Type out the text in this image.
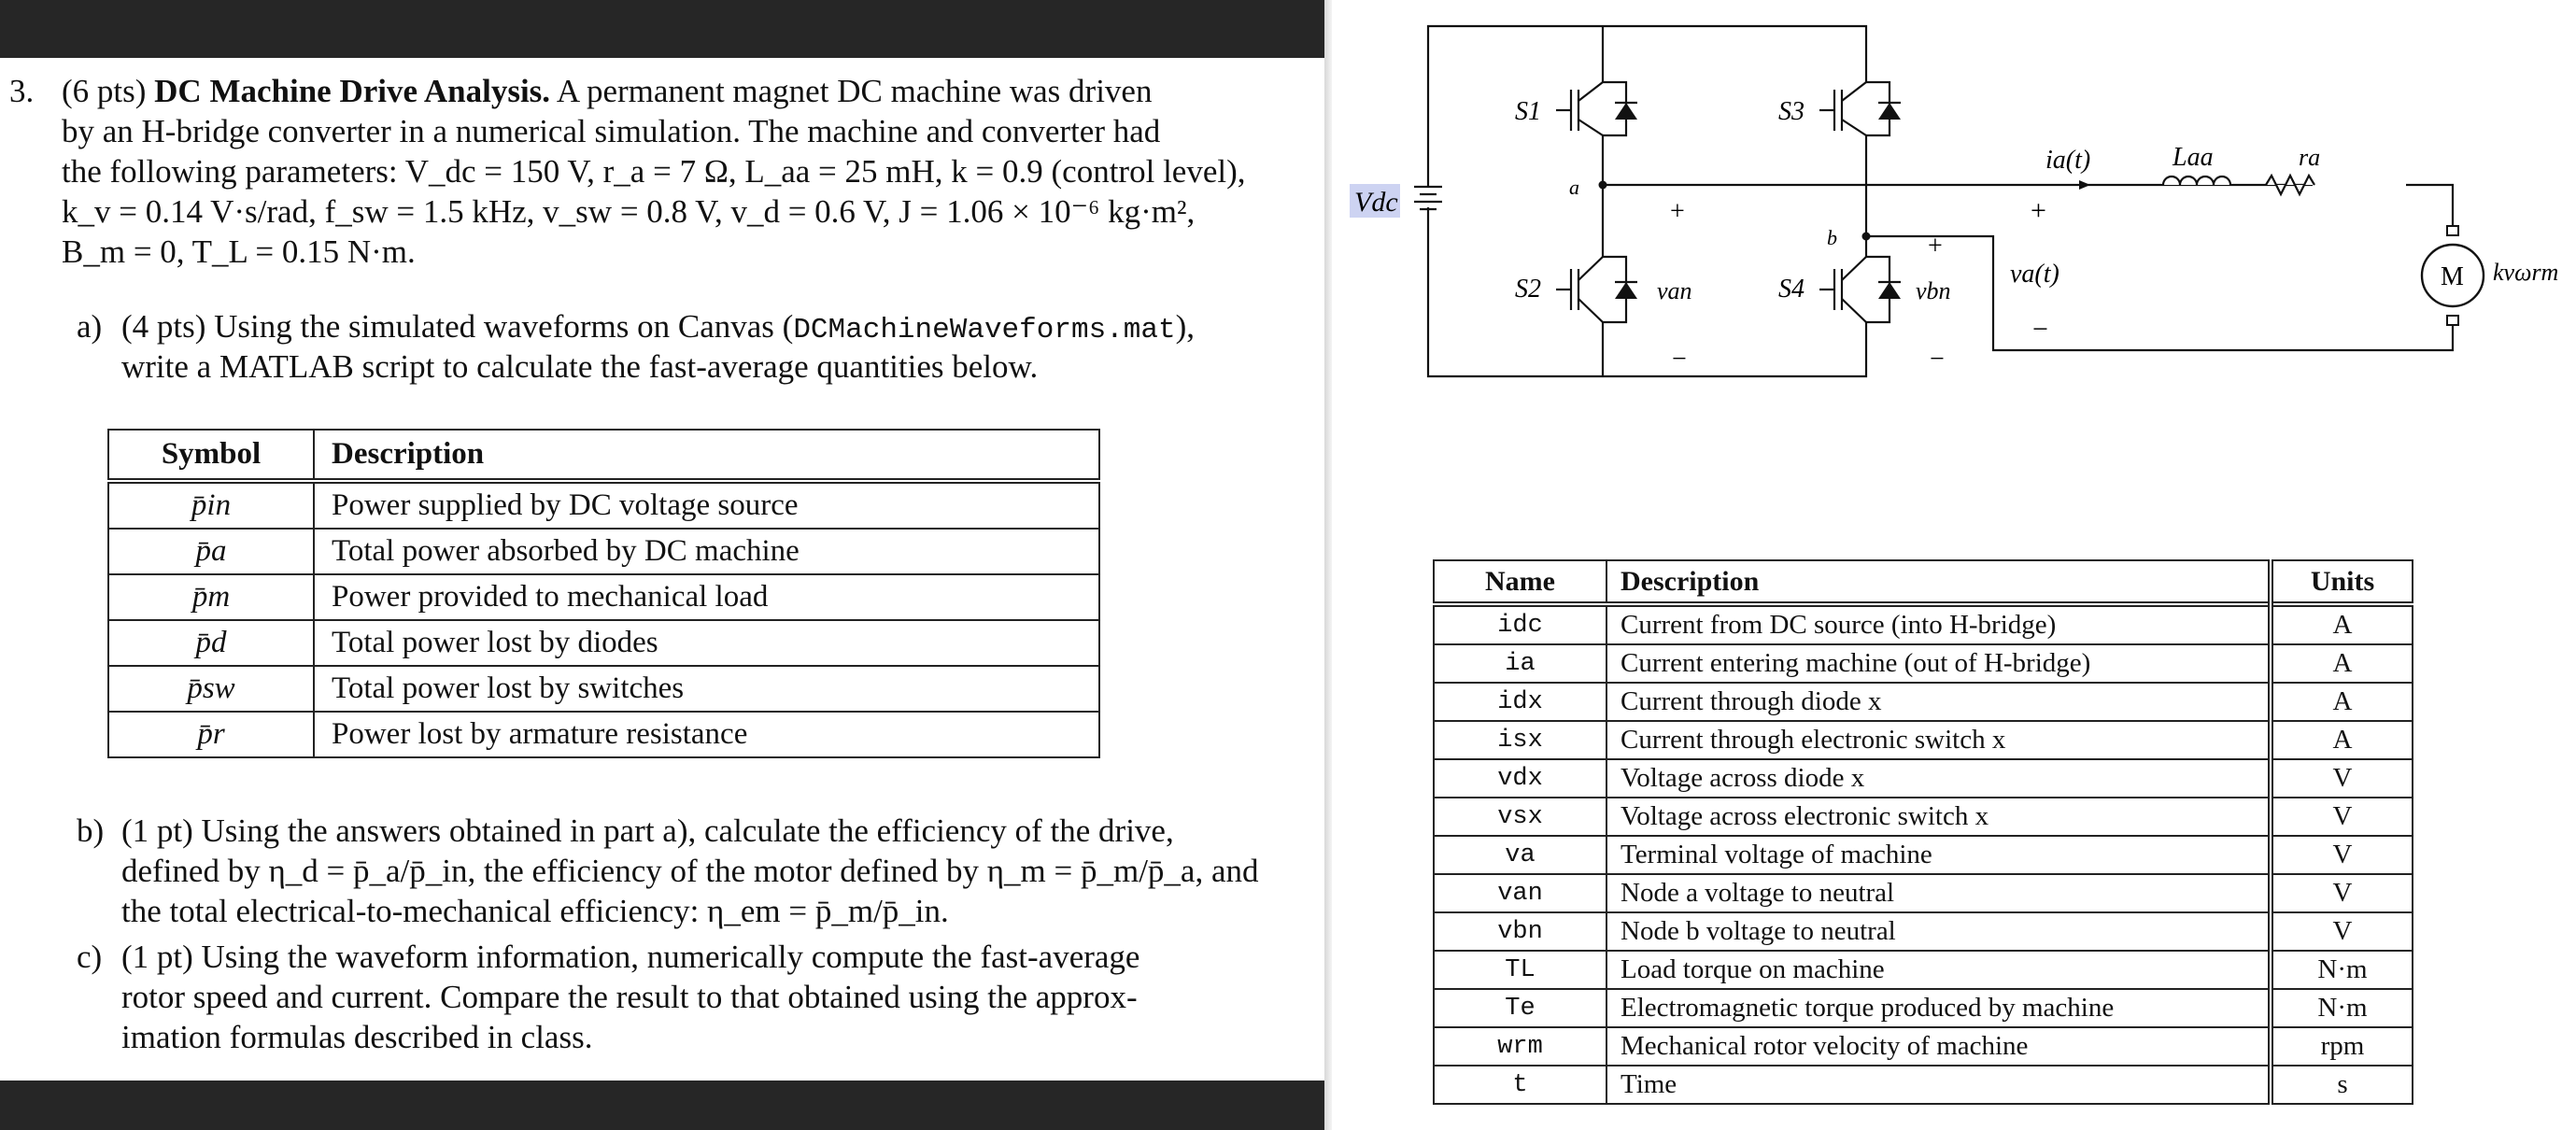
3. (6 pts) DC Machine Drive Analysis. A permanent magnet DC machine was driven
by an H-bridge converter in a numerical simulation. The machine and converter had
the following parameters: V_dc = 150 V, r_a = 7 Ω, L_aa = 25 mH, k = 0.9 (control level),
k_v = 0.14 V·s/rad, f_sw = 1.5 kHz, v_sw = 0.8 V, v_d = 0.6 V, J = 1.06 × 10⁻⁶ kg·m²,
B_m = 0, T_L = 0.15 N·m.
a) (4 pts) Using the simulated waveforms on Canvas (DCMachineWaveforms.mat),
write a MATLAB script to calculate the fast-average quantities below.
Symbol	Description
p̄in	Power supplied by DC voltage source
p̄a	Total power absorbed by DC machine
p̄m	Power provided to mechanical load
p̄d	Total power lost by diodes
p̄sw	Total power lost by switches
p̄r	Power lost by armature resistance
b) (1 pt) Using the answers obtained in part a), calculate the efficiency of the drive,
defined by η_d = p̄_a/p̄_in, the efficiency of the motor defined by η_m = p̄_m/p̄_a, and
the total electrical-to-mechanical efficiency: η_em = p̄_m/p̄_in.
c) (1 pt) Using the waveform information, numerically compute the fast-average
rotor speed and current. Compare the result to that obtained using the approx-
imation formulas described in class.
Vdc
S1
S2
S3
S4
a
b
+
van
−
+
vbn
−
ia(t)
+
va(t)
−
Laa	ra
M kvωrm
Name	Description	Units
idc	Current from DC source (into H-bridge)	A
ia	Current entering machine (out of H-bridge)	A
idx	Current through diode x	A
isx	Current through electronic switch x	A
vdx	Voltage across diode x	V
vsx	Voltage across electronic switch x	V
va	Terminal voltage of machine	V
van	Node a voltage to neutral	V
vbn	Node b voltage to neutral	V
TL	Load torque on machine	N·m
Te	Electromagnetic torque produced by machine	N·m
wrm	Mechanical rotor velocity of machine	rpm
t	Time	s
